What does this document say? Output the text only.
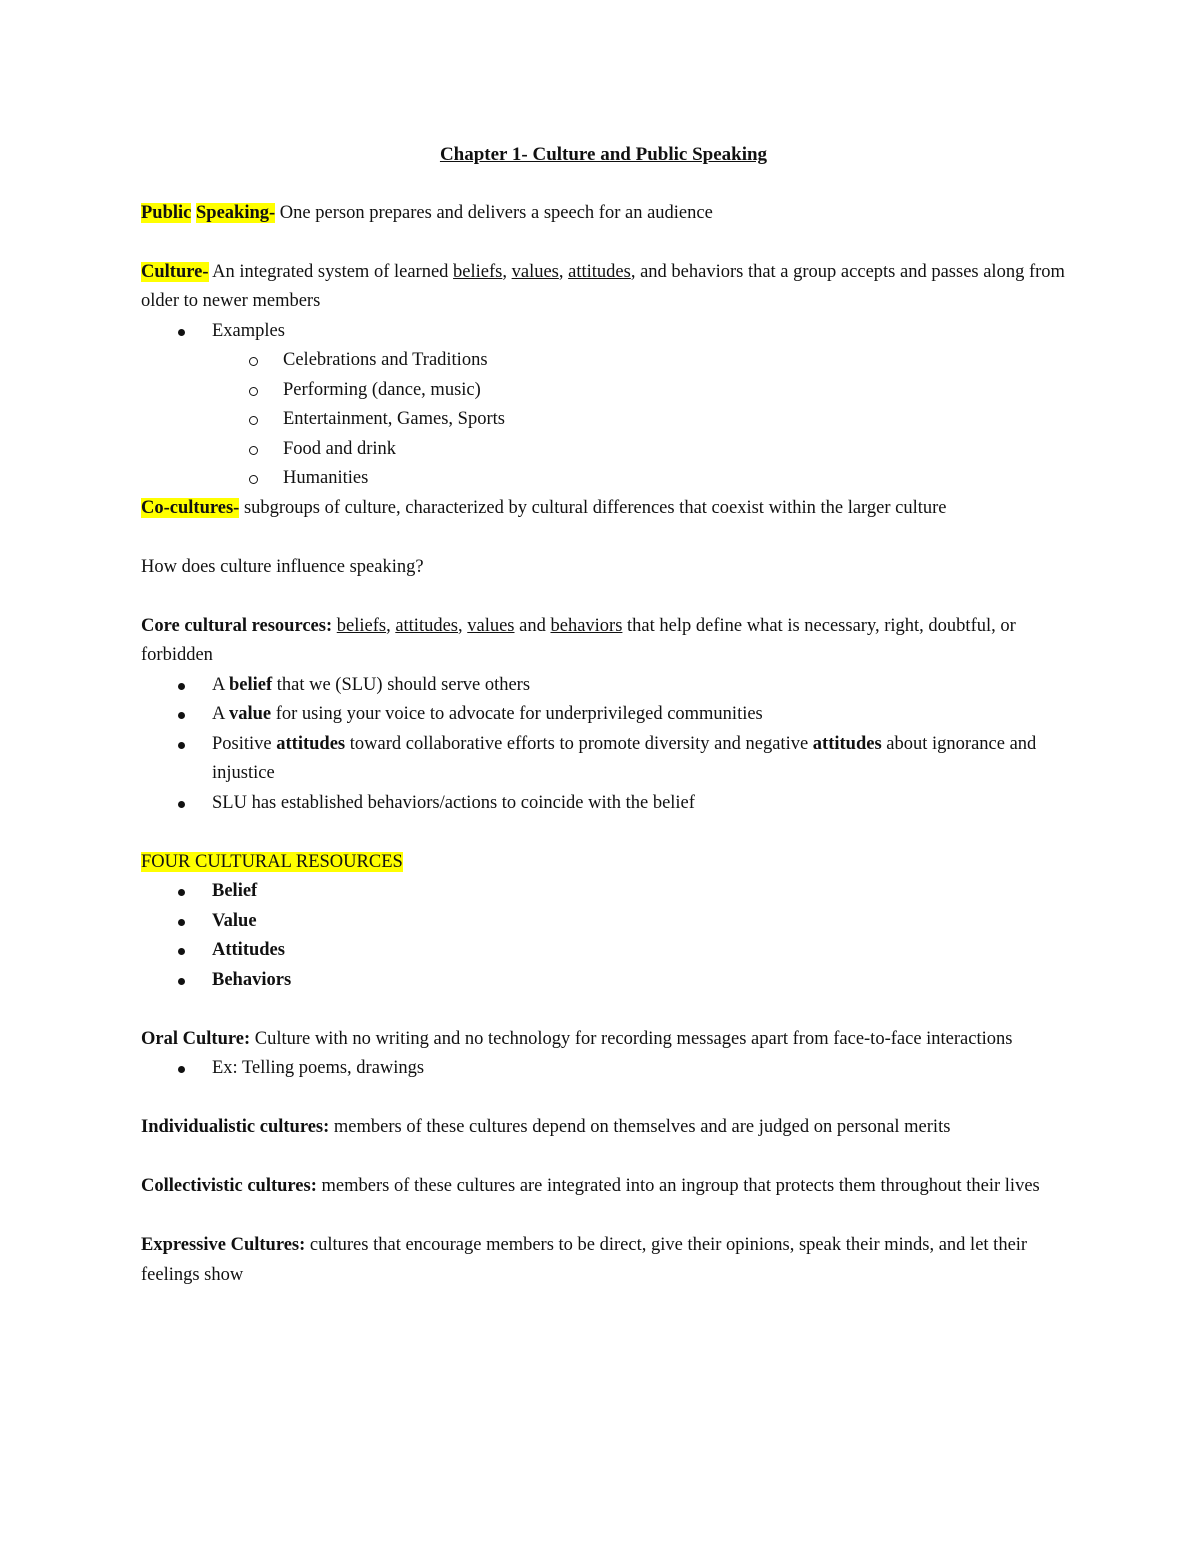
Chapter 1- Culture and Public Speaking

Public Speaking- One person prepares and delivers a speech for an audience

Culture- An integrated system of learned beliefs, values, attitudes, and behaviors that a group accepts and passes along from older to newer members

Examples
Celebrations and Traditions
Performing (dance, music)
Entertainment, Games, Sports
Food and drink
Humanities

Co-cultures- subgroups of culture, characterized by cultural differences that coexist within the larger culture

How does culture influence speaking?

Core cultural resources: beliefs, attitudes, values and behaviors that help define what is necessary, right, doubtful, or forbidden

A belief that we (SLU) should serve others
A value for using your voice to advocate for underprivileged communities
Positive attitudes toward collaborative efforts to promote diversity and negative attitudes about ignorance and injustice
SLU has established behaviors/actions to coincide with the belief

FOUR CULTURAL RESOURCES

Belief
Value
Attitudes
Behaviors

Oral Culture: Culture with no writing and no technology for recording messages apart from face-to-face interactions

Ex: Telling poems, drawings

Individualistic cultures: members of these cultures depend on themselves and are judged on personal merits

Collectivistic cultures: members of these cultures are integrated into an ingroup that protects them throughout their lives

Expressive Cultures: cultures that encourage members to be direct, give their opinions, speak their minds, and let their feelings show
